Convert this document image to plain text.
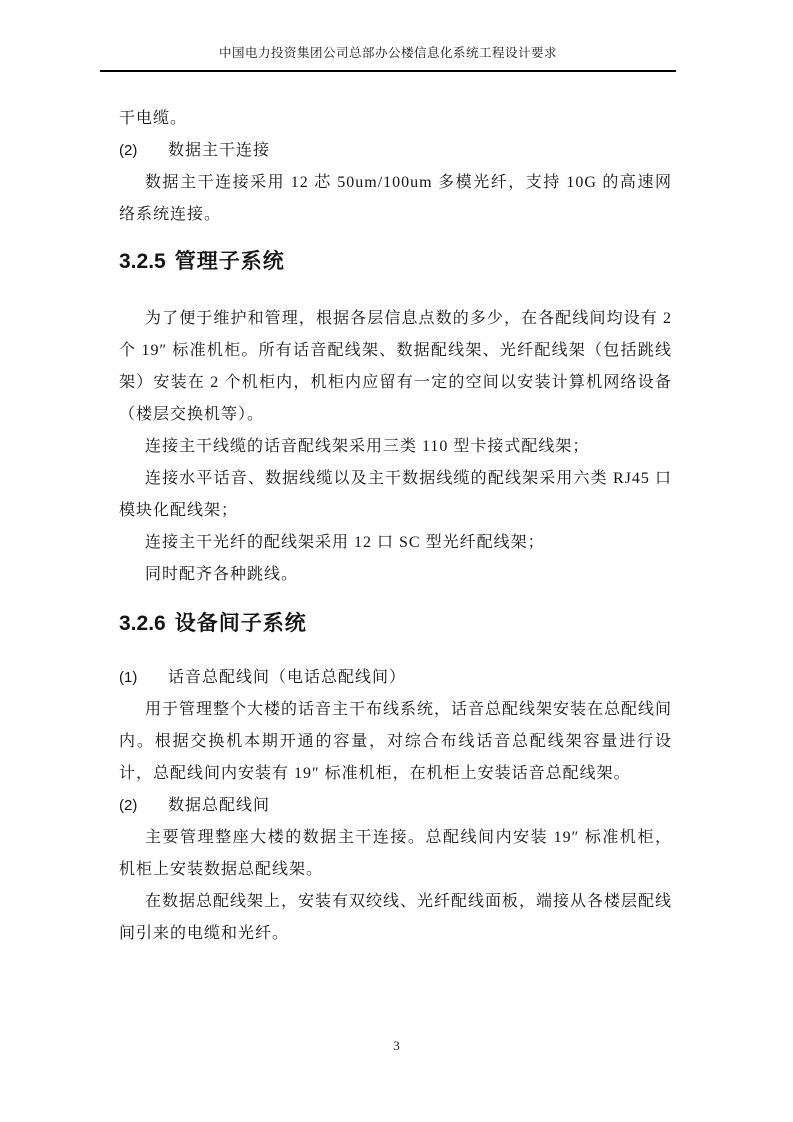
中国电力投资集团公司总部办公楼信息化系统工程设计要求

干电缆。

(2) 数据主干连接

数据主干连接采用 12 芯 50um/100um 多模光纤，支持 10G 的高速网络系统连接。

3.2.5 管理子系统

为了便于维护和管理，根据各层信息点数的多少，在各配线间均设有 2 个 19″ 标准机柜。所有话音配线架、数据配线架、光纤配线架（包括跳线架）安装在 2 个机柜内，机柜内应留有一定的空间以安装计算机网络设备（楼层交换机等）。

连接主干线缆的话音配线架采用三类 110 型卡接式配线架；

连接水平话音、数据线缆以及主干数据线缆的配线架采用六类 RJ45 口模块化配线架；

连接主干光纤的配线架采用 12 口 SC 型光纤配线架；

同时配齐各种跳线。

3.2.6 设备间子系统

(1) 话音总配线间（电话总配线间）

用于管理整个大楼的话音主干布线系统，话音总配线架安装在总配线间内。根据交换机本期开通的容量，对综合布线话音总配线架容量进行设计，总配线间内安装有 19″ 标准机柜，在机柜上安装话音总配线架。

(2) 数据总配线间

主要管理整座大楼的数据主干连接。总配线间内安装 19″ 标准机柜，机柜上安装数据总配线架。

在数据总配线架上，安装有双绞线、光纤配线面板，端接从各楼层配线间引来的电缆和光纤。

3
